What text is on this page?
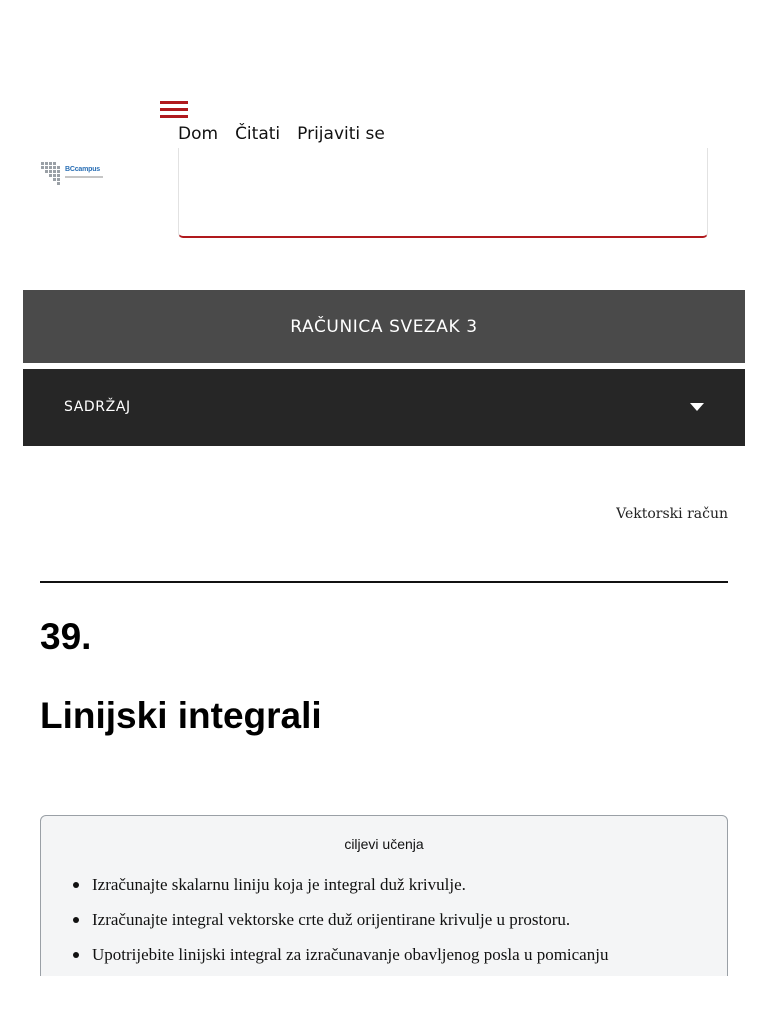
Dom Čitati Prijaviti se
BCcampus
RAČUNICA SVEZAK 3
SADRŽAJ
Vektorski račun
39.
Linijski integrali
ciljevi učenja
Izračunajte skalarnu liniju koja je integral duž krivulje.
Izračunajte integral vektorske crte duž orijentirane krivulje u prostoru.
Upotrijebite linijski integral za izračunavanje obavljenog posla u pomicanju
